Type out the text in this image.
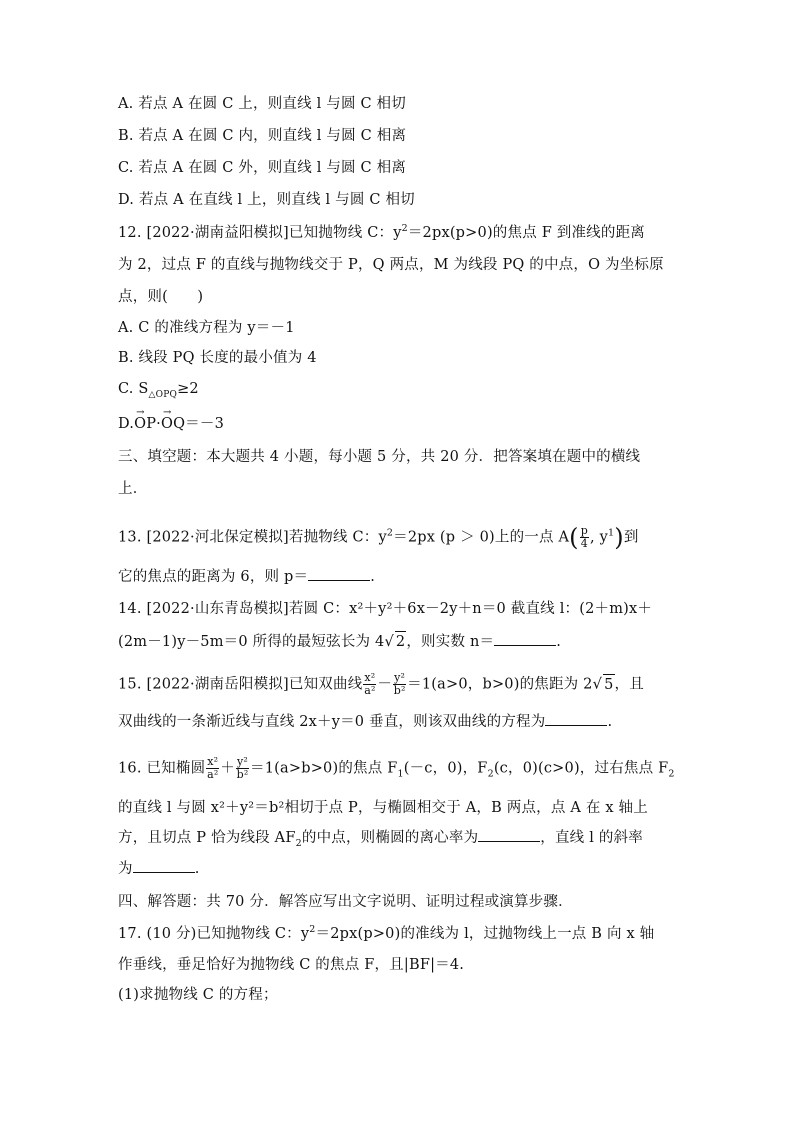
A. 若点 A 在圆 C 上，则直线 l 与圆 C 相切
B. 若点 A 在圆 C 内，则直线 l 与圆 C 相离
C. 若点 A 在圆 C 外，则直线 l 与圆 C 相离
D. 若点 A 在直线 l 上，则直线 l 与圆 C 相切
12. [2022·湖南益阳模拟]已知抛物线 C：$y^2=2px(p>0)$的焦点 F 到准线的距离
为 2，过点 F 的直线与抛物线交于 P，Q 两点，M 为线段 PQ 的中点，O 为坐标原
点，则(　　)
A. C 的准线方程为 y＝－1
B. 线段 PQ 长度的最小值为 4
C. $S_{\triangle OPQ}\ge 2$
D.→ OP·→ OQ＝－3
三、填空题：本大题共 4 小题，每小题 5 分，共 20 分．把答案填在题中的横线
上．
13. [2022·河北保定模拟]若抛物线 C：$y^2=2px$ (p ＞ 0)上的一点 $A( \frac{p}{4}$ , $y^1$)到
它的焦点的距离为 6，则 p＝	.
14. [2022·山东青岛模拟]若圆 C：x²＋y²＋6x－2y＋n＝0 截直线 l：(2＋m)x＋
(2m－1)y－5m＝0 所得的最短弦长为 4√ 2，则实数 n＝	.
15. [2022·湖南岳阳模拟]已知双曲线 $\frac{\text{x²}}{\text{a²}} - \frac{\text{y²}}{\text{b²}} =1(a>0$，b>0)的焦距为 2√ 5，且
双曲线的一条渐近线与直线 2x＋y＝0 垂直，则该双曲线的方程为	.
16. 已知椭圆 $\frac{\text{x²}}{\text{a²}} + \frac{\text{y²}}{\text{b²}} =1(a>b>0)$的焦点 $F_1(-c$，0)，$F_2(c$，0)(c>0)，过右焦点 $F_2$
的直线 l 与圆 x²＋y²＝b²相切于点 P，与椭圆相交于 A，B 两点，点 A 在 x 轴上
方，且切点 P 恰为线段 $AF_2$的中点，则椭圆的离心率为	，直线 l 的斜率
为	.
四、解答题：共 70 分．解答应写出文字说明、证明过程或演算步骤．
17. (10 分)已知抛物线 C：$y^2=2px(p>0)$的准线为 l，过抛物线上一点 B 向 x 轴
作垂线，垂足恰好为抛物线 C 的焦点 F，且|BF|＝4.
(1)求抛物线 C 的方程；
